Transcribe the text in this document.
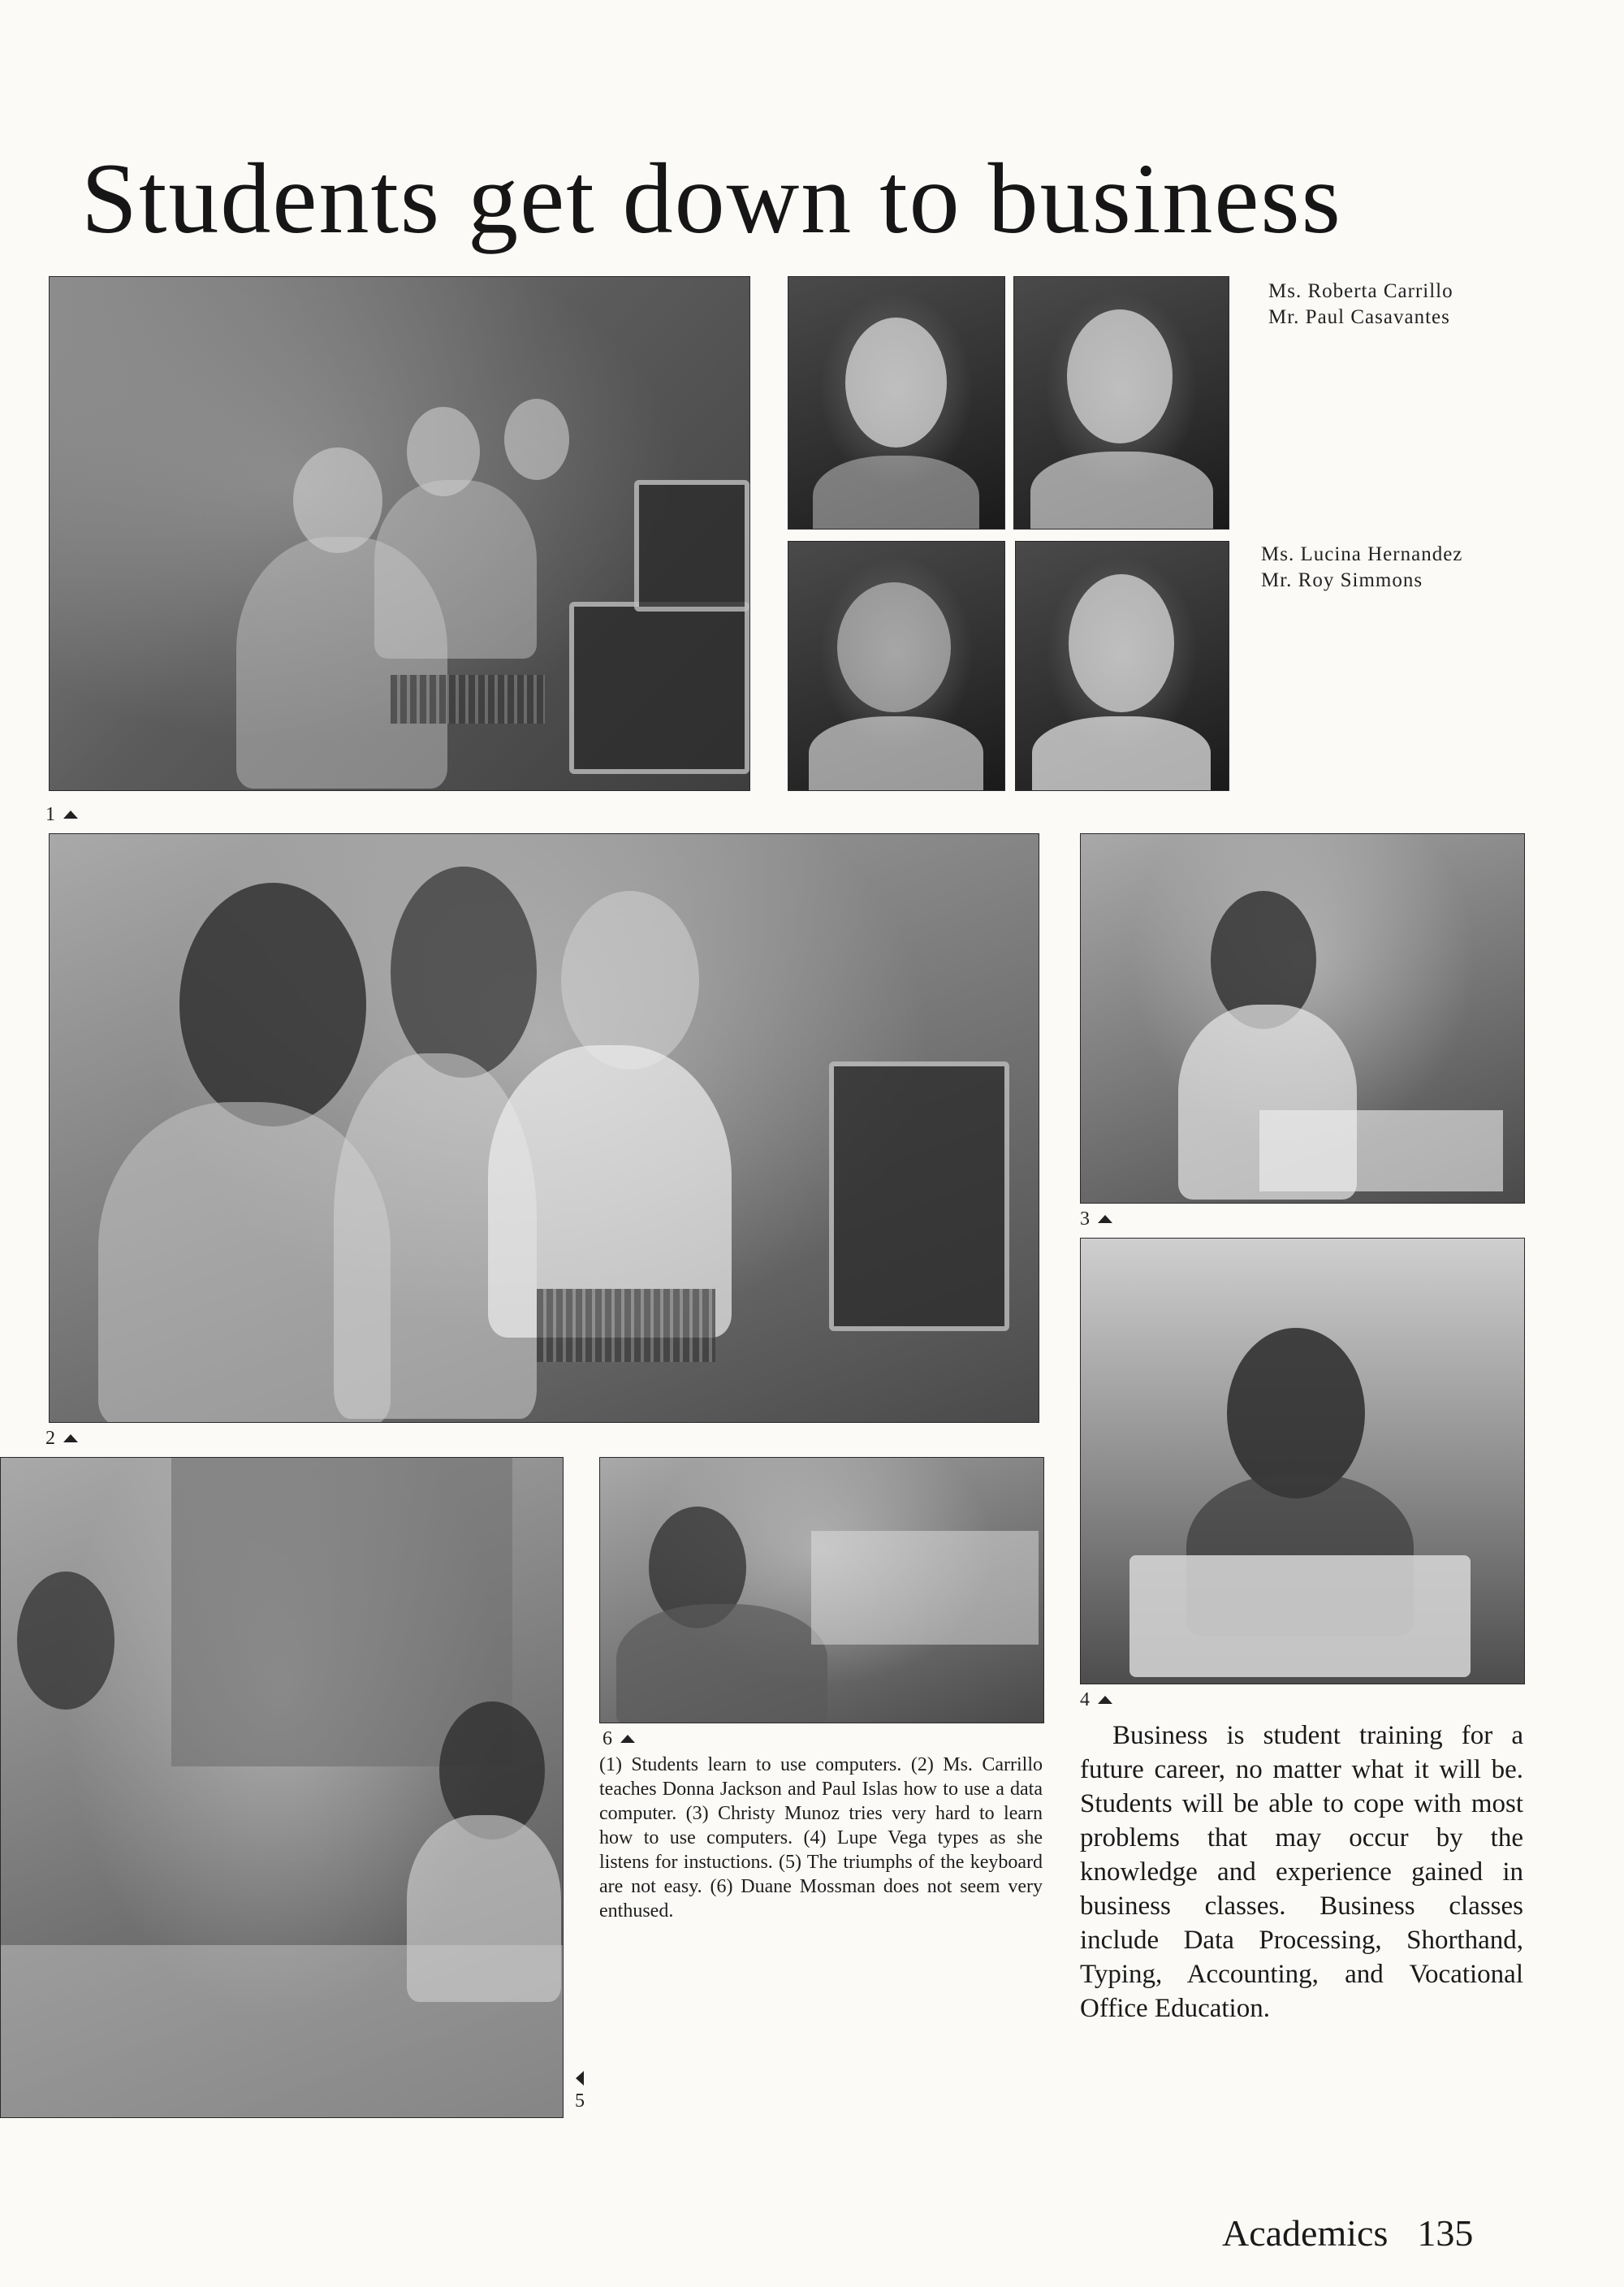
Students get down to business
Ms. Roberta Carrillo
Mr. Paul Casavantes
Ms. Lucina Hernandez
Mr. Roy Simmons
1
2
3
4
5
6
(1) Students learn to use computers. (2) Ms. Carrillo teaches Donna Jackson and Paul Islas how to use a data computer. (3) Christy Munoz tries very hard to learn how to use computers. (4) Lupe Vega types as she listens for instuctions. (5) The triumphs of the keyboard are not easy. (6) Duane Mossman does not seem very enthused.
Business is student training for a future career, no matter what it will be. Students will be able to cope with most problems that may occur by the knowledge and experience gained in business classes. Business classes include Data Processing, Shorthand, Typing, Accounting, and Vocational Office Education.
Academics 135
